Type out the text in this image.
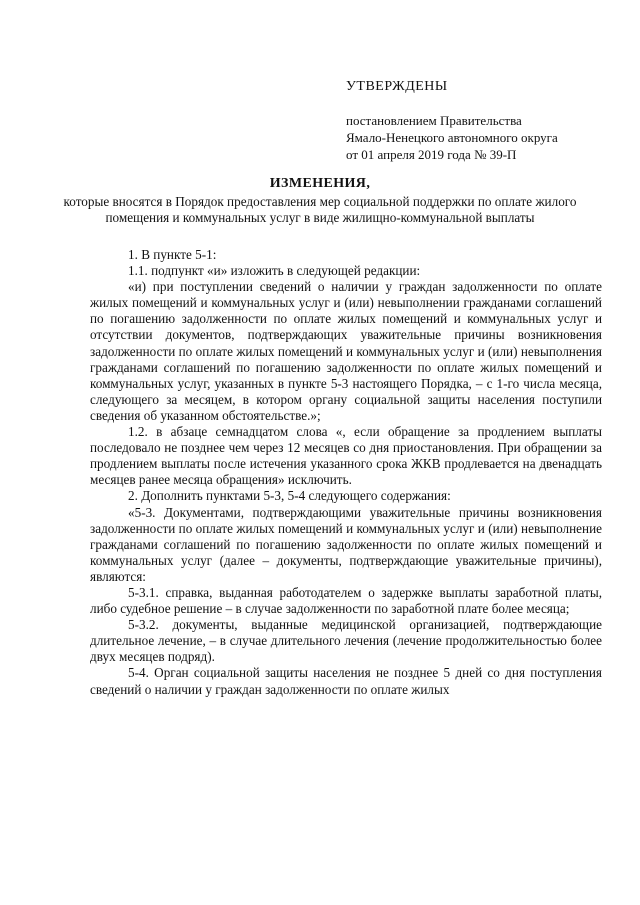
УТВЕРЖДЕНЫ
постановлением Правительства
Ямало-Ненецкого автономного округа
от 01 апреля 2019 года № 39-П
ИЗМЕНЕНИЯ,
которые вносятся в Порядок предоставления мер социальной поддержки по оплате жилого помещения и коммунальных услуг в виде жилищно-коммунальной выплаты

1. В пункте 5-1:

1.1. подпункт «и» изложить в следующей редакции:

«и) при поступлении сведений о наличии у граждан задолженности по оплате жилых помещений и коммунальных услуг и (или) невыполнении гражданами соглашений по погашению задолженности по оплате жилых помещений и коммунальных услуг и отсутствии документов, подтверждающих уважительные причины возникновения задолженности по оплате жилых помещений и коммунальных услуг и (или) невыполнения гражданами соглашений по погашению задолженности по оплате жилых помещений и коммунальных услуг, указанных в пункте 5-3 настоящего Порядка, – с 1-го числа месяца, следующего за месяцем, в котором органу социальной защиты населения поступили сведения об указанном обстоятельстве.»;

1.2. в абзаце семнадцатом слова «, если обращение за продлением выплаты последовало не позднее чем через 12 месяцев со дня приостановления. При обращении за продлением выплаты после истечения указанного срока ЖКВ продлевается на двенадцать месяцев ранее месяца обращения» исключить.

2. Дополнить пунктами 5-3, 5-4 следующего содержания:

«5-3. Документами, подтверждающими уважительные причины возникновения задолженности по оплате жилых помещений и коммунальных услуг и (или) невыполнение гражданами соглашений по погашению задолженности по оплате жилых помещений и коммунальных услуг (далее – документы, подтверждающие уважительные причины), являются:

5-3.1. справка, выданная работодателем о задержке выплаты заработной платы, либо судебное решение – в случае задолженности по заработной плате более месяца;

5-3.2. документы, выданные медицинской организацией, подтверждающие длительное лечение, – в случае длительного лечения (лечение продолжительностью более двух месяцев подряд).

5-4. Орган социальной защиты населения не позднее 5 дней со дня поступления сведений о наличии у граждан задолженности по оплате жилых
